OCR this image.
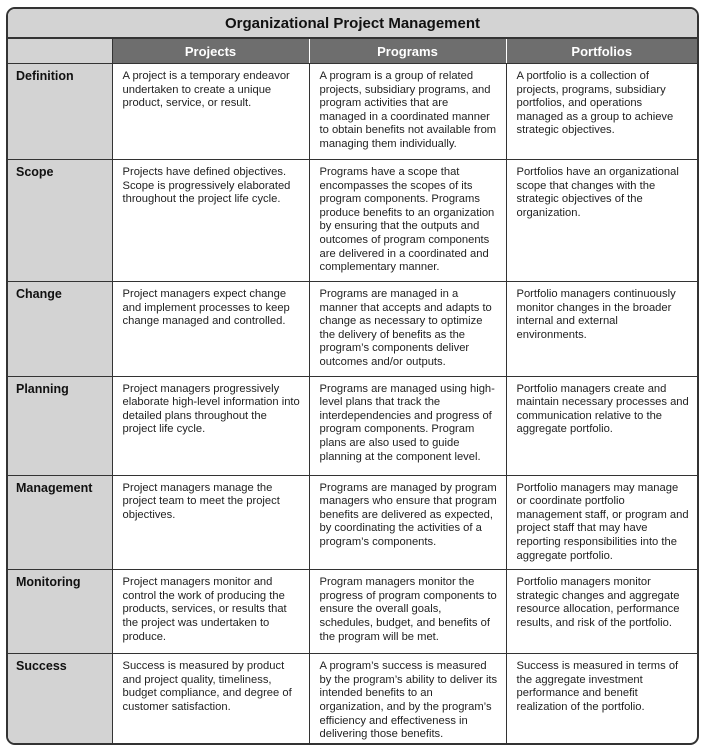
Organizational Project Management
	Projects	Programs	Portfolios
Definition	A project is a temporary endeavor undertaken to create a unique product, service, or result.	A program is a group of related projects, subsidiary programs, and program activities that are managed in a coordinated manner to obtain benefits not available from managing them individually.	A portfolio is a collection of projects, programs, subsidiary portfolios, and operations managed as a group to achieve strategic objectives.
Scope	Projects have defined objectives. Scope is progressively elaborated throughout the project life cycle.	Programs have a scope that encompasses the scopes of its program components. Programs produce benefits to an organization by ensuring that the outputs and outcomes of program components are delivered in a coordinated and complementary manner.	Portfolios have an organizational scope that changes with the strategic objectives of the organization.
Change	Project managers expect change and implement processes to keep change managed and controlled.	Programs are managed in a manner that accepts and adapts to change as necessary to optimize the delivery of benefits as the program’s components deliver outcomes and/or outputs.	Portfolio managers continuously monitor changes in the broader internal and external environments.
Planning	Project managers progressively elaborate high-level information into detailed plans throughout the project life cycle.	Programs are managed using high-level plans that track the interdependencies and progress of program components. Program plans are also used to guide planning at the component level.	Portfolio managers create and maintain necessary processes and communication relative to the aggregate portfolio.
Management	Project managers manage the project team to meet the project objectives.	Programs are managed by program managers who ensure that program benefits are delivered as expected, by coordinating the activities of a program’s components.	Portfolio managers may manage or coordinate portfolio management staff, or program and project staff that may have reporting responsibilities into the aggregate portfolio.
Monitoring	Project managers monitor and control the work of producing the products, services, or results that the project was undertaken to produce.	Program managers monitor the progress of program components to ensure the overall goals, schedules, budget, and benefits of the program will be met.	Portfolio managers monitor strategic changes and aggregate resource allocation, performance results, and risk of the portfolio.
Success	Success is measured by product and project quality, timeliness, budget compliance, and degree of customer satisfaction.	A program’s success is measured by the program’s ability to deliver its intended benefits to an organization, and by the program’s efficiency and effectiveness in delivering those benefits.	Success is measured in terms of the aggregate investment performance and benefit realization of the portfolio.
